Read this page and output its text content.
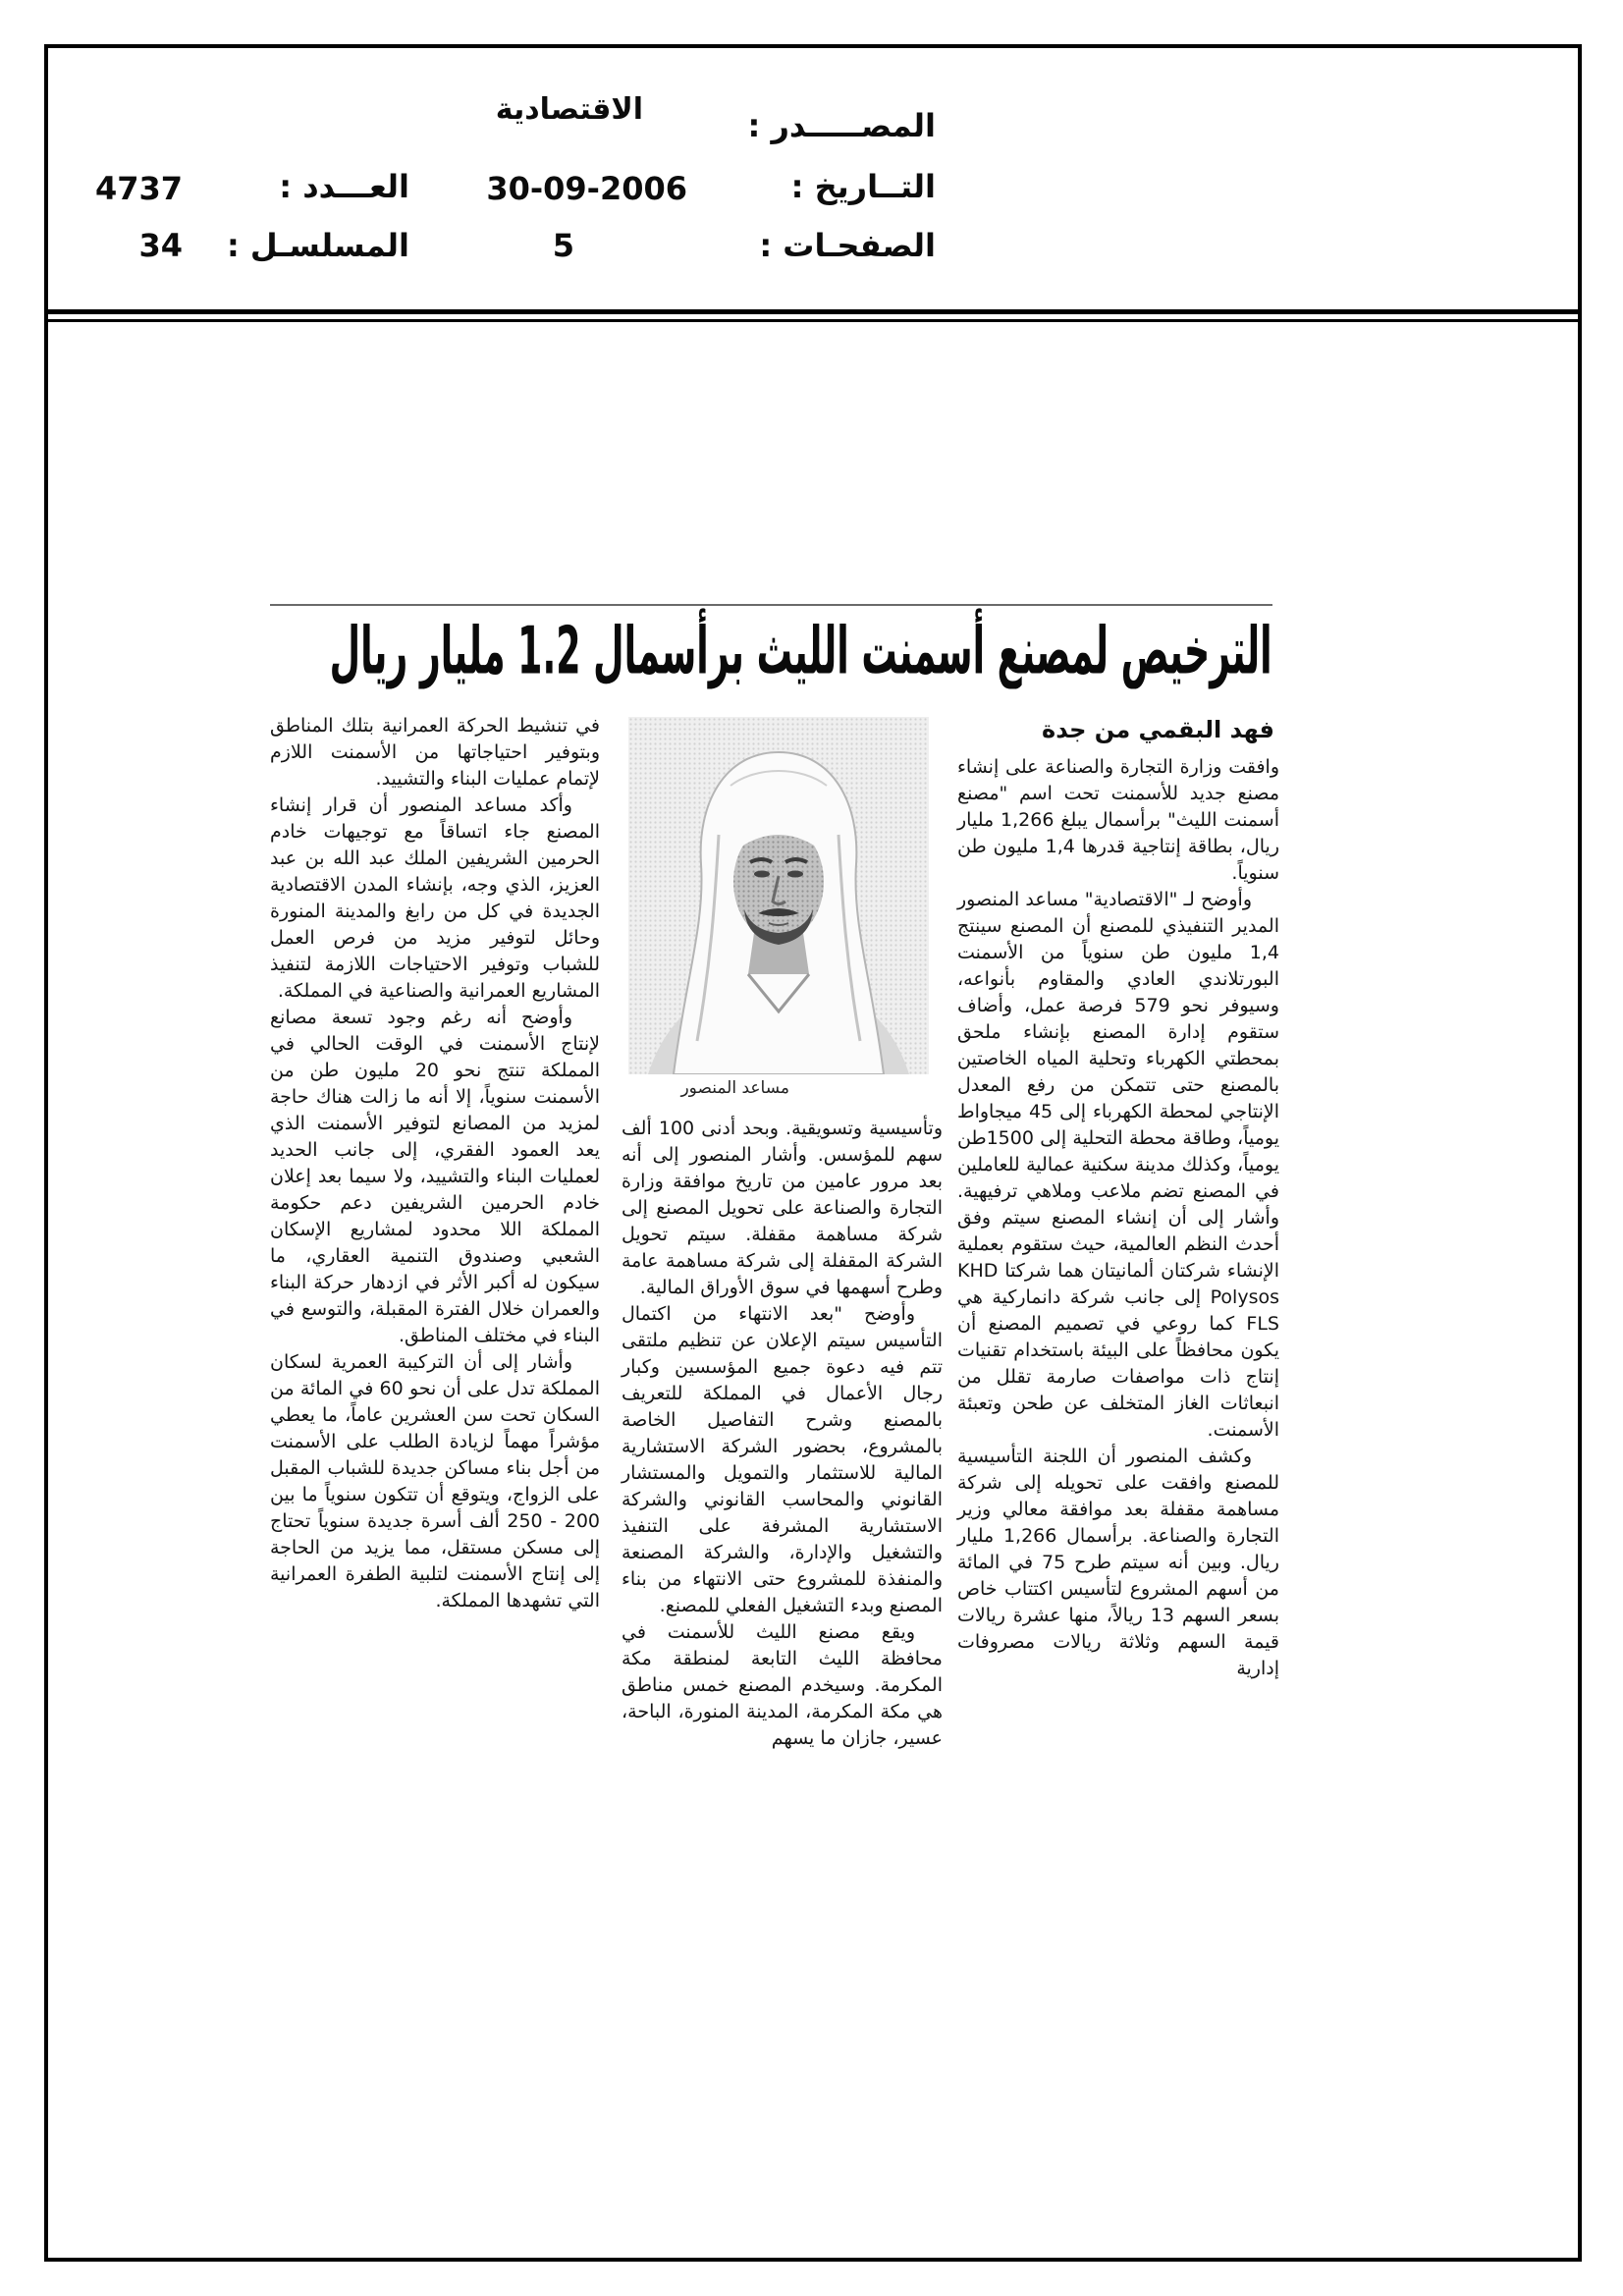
المصـــــدر :
الاقتصادية
التــاريخ :
30-09-2006
العـــدد :
4737
الصفحـات :
5
المسلسـل :
34
الترخيص لمصنع أسمنت الليث برأسمال 1.2 مليار ريال
فهد البقمي من جدة

وافقت وزارة التجارة والصناعة على إنشاء مصنع جديد للأسمنت تحت اسم "مصنع أسمنت الليث" برأسمال يبلغ 1,266 مليار ريال، بطاقة إنتاجية قدرها 1,4 مليون طن سنوياً.

وأوضح لـ "الاقتصادية" مساعد المنصور المدير التنفيذي للمصنع أن المصنع سينتج 1,4 مليون طن سنوياً من الأسمنت البورتلاندي العادي والمقاوم بأنواعه، وسيوفر نحو 579 فرصة عمل، وأضاف ستقوم إدارة المصنع بإنشاء ملحق بمحطتي الكهرباء وتحلية المياه الخاصتين بالمصنع حتى تتمكن من رفع المعدل الإنتاجي لمحطة الكهرباء إلى 45 ميجاواط يومياً، وطاقة محطة التحلية إلى 1500طن يومياً، وكذلك مدينة سكنية عمالية للعاملين في المصنع تضم ملاعب وملاهي ترفيهية. وأشار إلى أن إنشاء المصنع سيتم وفق أحدث النظم العالمية، حيث ستقوم بعملية الإنشاء شركتان ألمانيتان هما شركتا KHD Polysos إلى جانب شركة دانماركية هي FLS كما روعي في تصميم المصنع أن يكون محافظاً على البيئة باستخدام تقنيات إنتاج ذات مواصفات صارمة تقلل من انبعاثات الغاز المتخلف عن طحن وتعبئة الأسمنت.

وكشف المنصور أن اللجنة التأسيسية للمصنع وافقت على تحويله إلى شركة مساهمة مقفلة بعد موافقة معالي وزير التجارة والصناعة. برأسمال 1,266 مليار ريال. وبين أنه سيتم طرح 75 في المائة من أسهم المشروع لتأسيس اكتتاب خاص بسعر السهم 13 ريالاً، منها عشرة ريالات قيمة السهم وثلاثة ريالات مصروفات إدارية

مساعد المنصور

وتأسيسية وتسويقية. وبحد أدنى 100 ألف سهم للمؤسس. وأشار المنصور إلى أنه بعد مرور عامين من تاريخ موافقة وزارة التجارة والصناعة على تحويل المصنع إلى شركة مساهمة مقفلة. سيتم تحويل الشركة المقفلة إلى شركة مساهمة عامة وطرح أسهمها في سوق الأوراق المالية.

وأوضح "بعد الانتهاء من اكتمال التأسيس سيتم الإعلان عن تنظيم ملتقى تتم فيه دعوة جميع المؤسسين وكبار رجال الأعمال في المملكة للتعريف بالمصنع وشرح التفاصيل الخاصة بالمشروع، بحضور الشركة الاستشارية المالية للاستثمار والتمويل والمستشار القانوني والمحاسب القانوني والشركة الاستشارية المشرفة على التنفيذ والتشغيل والإدارة، والشركة المصنعة والمنفذة للمشروع حتى الانتهاء من بناء المصنع وبدء التشغيل الفعلي للمصنع.

ويقع مصنع الليث للأسمنت في محافظة الليث التابعة لمنطقة مكة المكرمة. وسيخدم المصنع خمس مناطق هي مكة المكرمة، المدينة المنورة، الباحة، عسير، جازان ما يسهم

في تنشيط الحركة العمرانية بتلك المناطق وبتوفير احتياجاتها من الأسمنت اللازم لإتمام عمليات البناء والتشييد.

وأكد مساعد المنصور أن قرار إنشاء المصنع جاء اتساقاً مع توجيهات خادم الحرمين الشريفين الملك عبد الله بن عبد العزيز، الذي وجه، بإنشاء المدن الاقتصادية الجديدة في كل من رابغ والمدينة المنورة وحائل لتوفير مزيد من فرص العمل للشباب وتوفير الاحتياجات اللازمة لتنفيذ المشاريع العمرانية والصناعية في المملكة.

وأوضح أنه رغم وجود تسعة مصانع لإنتاج الأسمنت في الوقت الحالي في المملكة تنتج نحو 20 مليون طن من الأسمنت سنوياً، إلا أنه ما زالت هناك حاجة لمزيد من المصانع لتوفير الأسمنت الذي يعد العمود الفقري، إلى جانب الحديد لعمليات البناء والتشييد، ولا سيما بعد إعلان خادم الحرمين الشريفين دعم حكومة المملكة اللا محدود لمشاريع الإسكان الشعبي وصندوق التنمية العقاري، ما سيكون له أكبر الأثر في ازدهار حركة البناء والعمران خلال الفترة المقبلة، والتوسع في البناء في مختلف المناطق.

وأشار إلى أن التركيبة العمرية لسكان المملكة تدل على أن نحو 60 في المائة من السكان تحت سن العشرين عاماً، ما يعطي مؤشراً مهماً لزيادة الطلب على الأسمنت من أجل بناء مساكن جديدة للشباب المقبل على الزواج، ويتوقع أن تتكون سنوياً ما بين 200 - 250 ألف أسرة جديدة سنوياً تحتاج إلى مسكن مستقل، مما يزيد من الحاجة إلى إنتاج الأسمنت لتلبية الطفرة العمرانية التي تشهدها المملكة.
